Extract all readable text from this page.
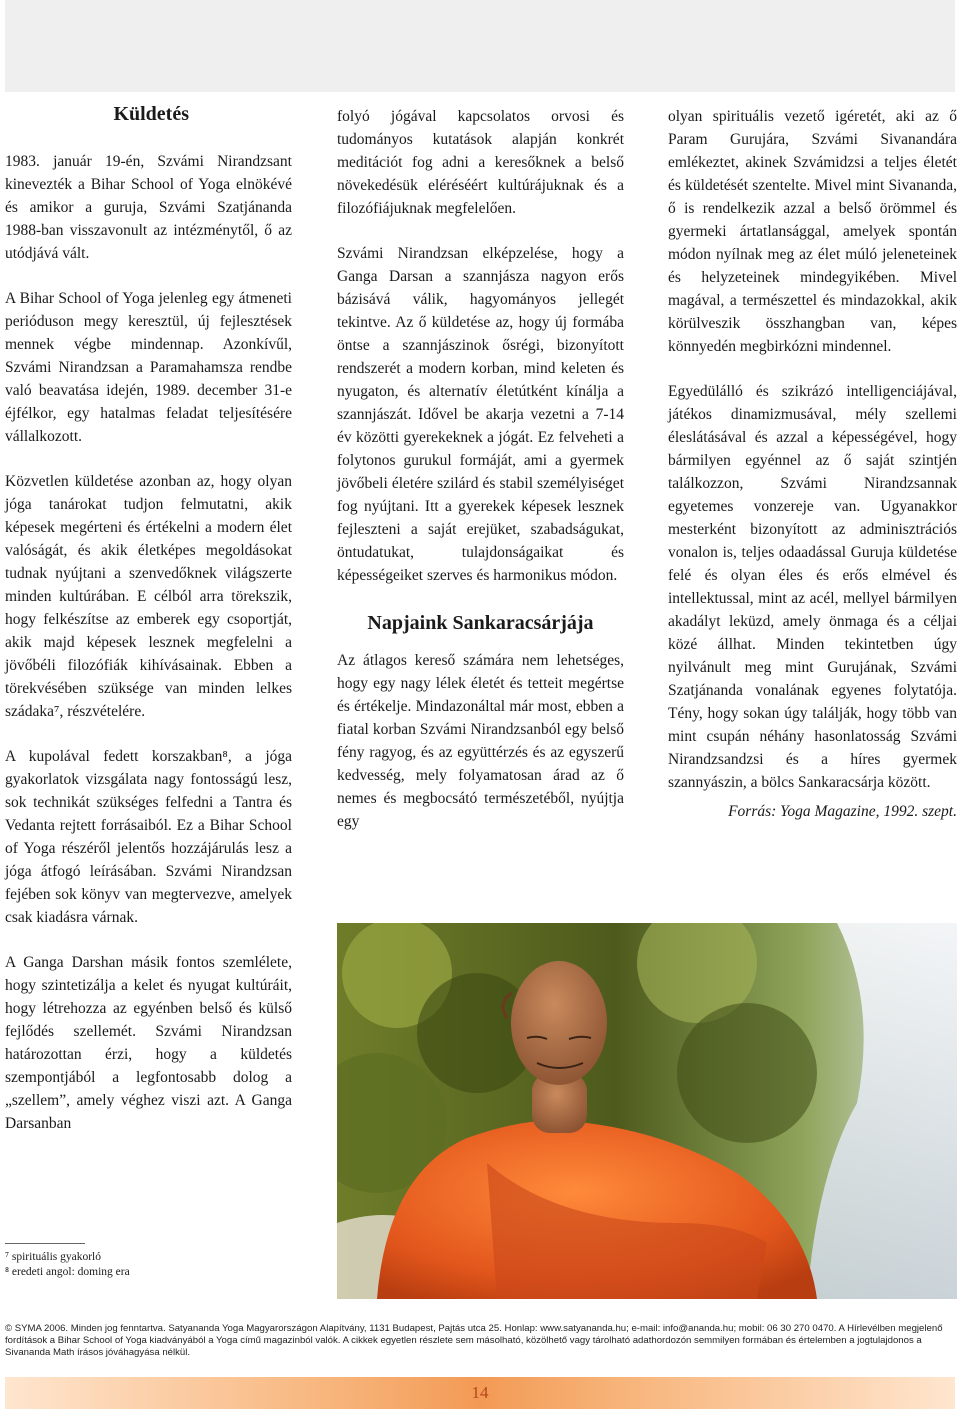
Küldetés

1983. január 19-én, Szvámi Nirandzsant kinevezték a Bihar School of Yoga elnökévé és amikor a guruja, Szvámi Szatjánanda 1988-ban visszavonult az intézménytől, ő az utódjává vált.

A Bihar School of Yoga jelenleg egy átmeneti perióduson megy keresztül, új fejlesztések mennek végbe mindennap. Azonkívűl, Szvámi Nirandzsan a Paramahamsza rendbe való beavatása idején, 1989. december 31-e éjfélkor, egy hatalmas feladat teljesítésére vállalkozott.

Közvetlen küldetése azonban az, hogy olyan jóga tanárokat tudjon felmutatni, akik képesek megérteni és értékelni a modern élet valóságát, és akik életképes megoldásokat tudnak nyújtani a szenvedőknek világszerte minden kultúrában. E célból arra törekszik, hogy felkészítse az emberek egy csoportját, akik majd képesek lesznek megfelelni a jövőbéli filozófiák kihívásainak. Ebben a törekvésében szüksége van minden lelkes szádaka⁷, részvételére.

A kupolával fedett korszakban⁸, a jóga gyakorlatok vizsgálata nagy fontosságú lesz, sok technikát szükséges felfedni a Tantra és Vedanta rejtett forrásaiból. Ez a Bihar School of Yoga részéről jelentős hozzájárulás lesz a jóga átfogó leírásában. Szvámi Nirandzsan fejében sok könyv van megtervezve, amelyek csak kiadásra várnak.

A Ganga Darshan másik fontos szemlélete, hogy szintetizálja a kelet és nyugat kultúráit, hogy létrehozza az egyénben belső és külső fejlődés szellemét. Szvámi Nirandzsan határozottan érzi, hogy a küldetés szempontjából a legfontosabb dolog a „szellem”, amely véghez viszi azt. A Ganga Darsanban

folyó jógával kapcsolatos orvosi és tudományos kutatások alapján konkrét meditációt fog adni a keresőknek a belső növekedésük eléréséért kultúrájuknak és a filozófiájuknak megfelelően.

Szvámi Nirandzsan elképzelése, hogy a Ganga Darsan a szannjásza nagyon erős bázisává válik, hagyományos jellegét tekintve. Az ő küldetése az, hogy új formába öntse a szannjászinok ősrégi, bizonyított rendszerét a modern korban, mind keleten és nyugaton, és alternatív életútként kínálja a szannjászát. Idővel be akarja vezetni a 7-14 év közötti gyerekeknek a jógát. Ez felveheti a folytonos gurukul formáját, ami a gyermek jövőbeli életére szilárd és stabil személyiséget fog nyújtani. Itt a gyerekek képesek lesznek fejleszteni a saját erejüket, szabadságukat, öntudatukat, tulajdonságaikat és képességeiket szerves és harmonikus módon.

Napjaink Sankaracsárjája

Az átlagos kereső számára nem lehetséges, hogy egy nagy lélek életét és tetteit megértse és értékelje. Mindazonáltal már most, ebben a fiatal korban Szvámi Nirandzsanból egy belső fény ragyog, és az együttérzés és az egyszerű kedvesség, mely folyamatosan árad az ő nemes és megbocsátó természetéből, nyújtja egy

olyan spirituális vezető igéretét, aki az ő Param Gurujára, Szvámi Sivanandára emlékeztet, akinek Szvámidzsi a teljes életét és küldetését szentelte. Mivel mint Sivananda, ő is rendelkezik azzal a belső örömmel és gyermeki ártatlansággal, amelyek spontán módon nyílnak meg az élet múló jeleneteinek és helyzeteinek mindegyikében. Mivel magával, a természettel és mindazokkal, akik körülveszik összhangban van, képes könnyedén megbirkózni mindennel.

Egyedülálló és szikrázó intelligenciájával, játékos dinamizmusával, mély szellemi éleslátásával és azzal a képességével, hogy bármilyen egyénnel az ő saját szintjén találkozzon, Szvámi Nirandzsannak egyetemes vonzereje van. Ugyanakkor mesterként bizonyított az adminisztrációs vonalon is, teljes odaadással Guruja küldetése felé és olyan éles és erős elmével és intellektussal, mint az acél, mellyel bármilyen akadályt leküzd, amely önmaga és a céljai közé állhat. Minden tekintetben úgy nyilvánult meg mint Gurujának, Szvámi Szatjánanda vonalának egyenes folytatója. Tény, hogy sokan úgy találják, hogy több van mint csupán néhány hasonlatosság Szvámi Nirandzsandzsi és a híres gyermek szannyászin, a bölcs Sankaracsárja között.

Forrás: Yoga Magazine, 1992. szept.

⁷ spirituális gyakorló
⁸ eredeti angol: doming era
© SYMA 2006. Minden jog fenntartva. Satyananda Yoga Magyarországon Alapítvány, 1131 Budapest, Pajtás utca 25. Honlap: www.satyananda.hu; e-mail: info@ananda.hu; mobil: 06 30 270 0470. A Hírlevélben megjelenő fordítások a Bihar School of Yoga kiadványából a Yoga című magazinból valók. A cikkek egyetlen részlete sem másolható, közölhető vagy tárolható adathordozón semmilyen formában és értelemben a jogtulajdonos a Sivananda Math írásos jóváhagyása nélkül.
14
